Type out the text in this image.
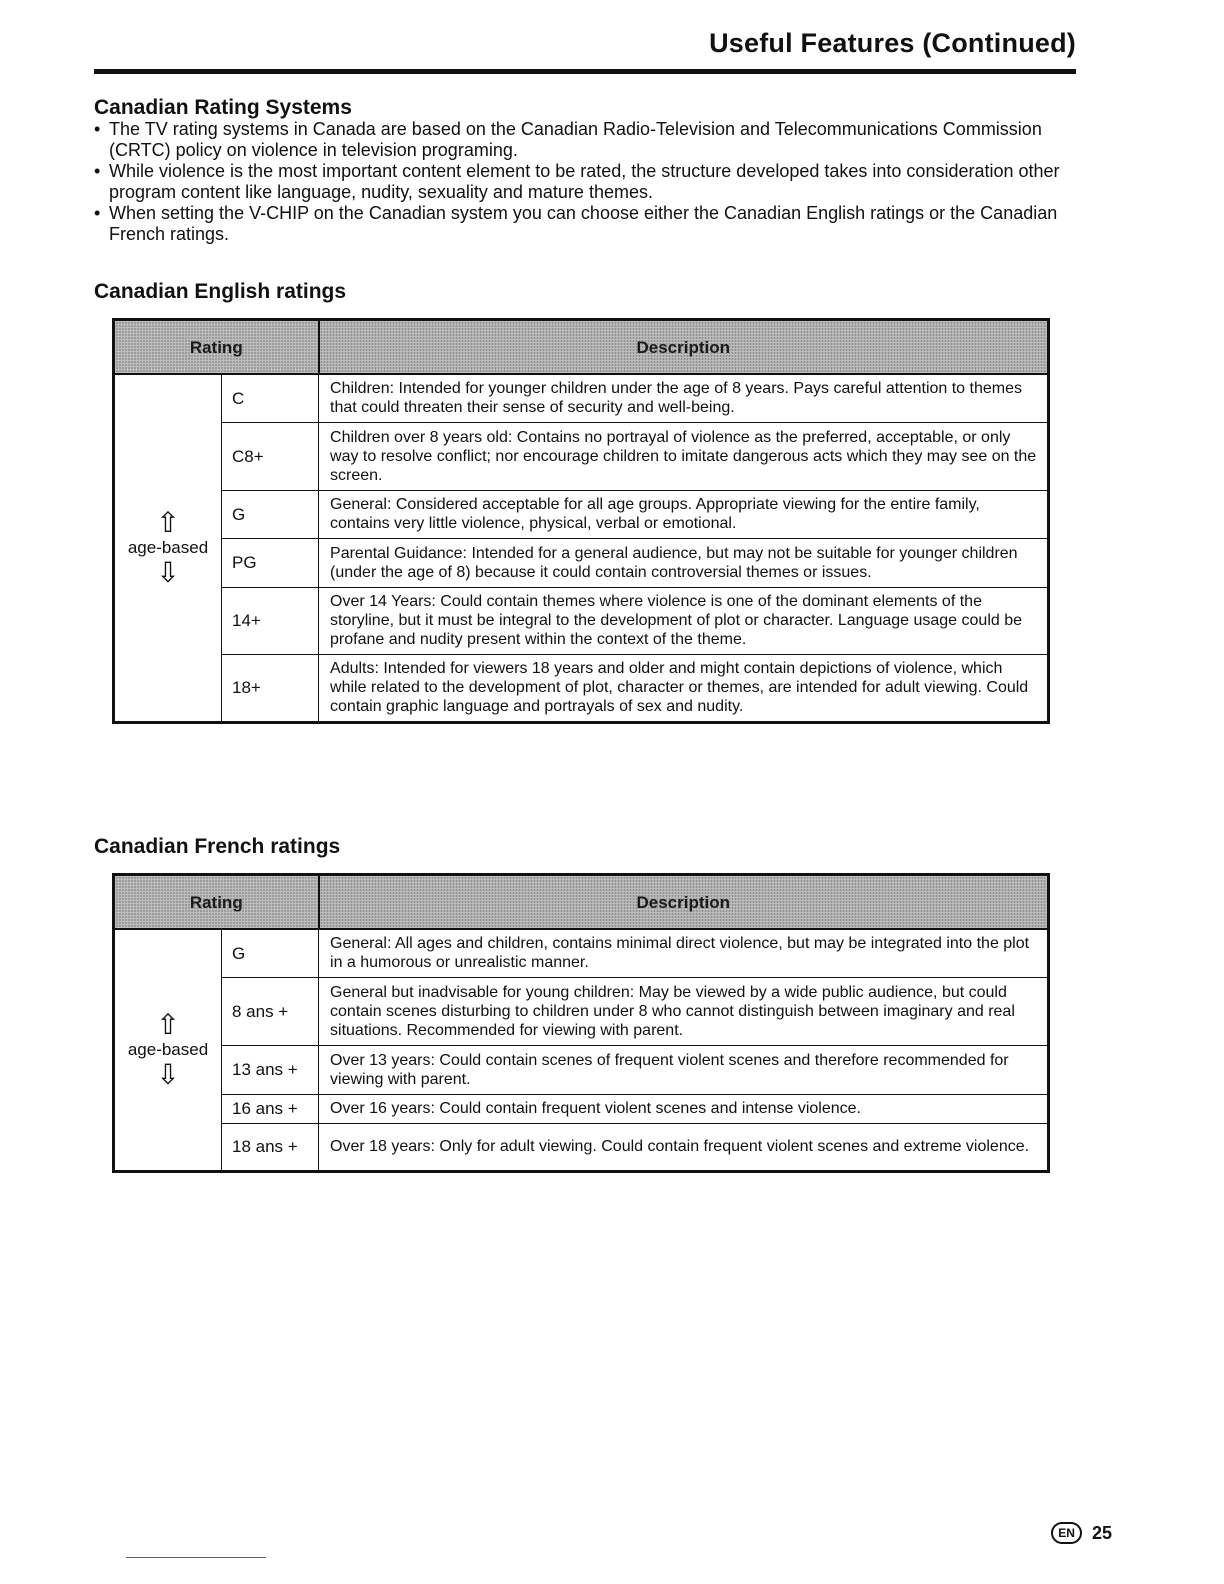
Useful Features (Continued)
Canadian Rating Systems
• The TV rating systems in Canada are based on the Canadian Radio-Television and Telecommunications Commission (CRTC) policy on violence in television programing.
• While violence is the most important content element to be rated, the structure developed takes into consideration other program content like language, nudity, sexuality and mature themes.
• When setting the V-CHIP on the Canadian system you can choose either the Canadian English ratings or the Canadian French ratings.
Canadian English ratings
Rating		Description

⇧
age-based
⇩	C	Children: Intended for younger children under the age of 8 years. Pays careful attention to themes that could threaten their sense of security and well-being.
	C8+	Children over 8 years old: Contains no portrayal of violence as the preferred, acceptable, or only way to resolve conflict; nor encourage children to imitate dangerous acts which they may see on the screen.
	G	General: Considered acceptable for all age groups. Appropriate viewing for the entire family, contains very little violence, physical, verbal or emotional.
	PG	Parental Guidance: Intended for a general audience, but may not be suitable for younger children (under the age of 8) because it could contain controversial themes or issues.
	14+	Over 14 Years: Could contain themes where violence is one of the dominant elements of the storyline, but it must be integral to the development of plot or character. Language usage could be profane and nudity present within the context of the theme.
	18+	Adults: Intended for viewers 18 years and older and might contain depictions of violence, which while related to the development of plot, character or themes, are intended for adult viewing. Could contain graphic language and portrayals of sex and nudity.
Canadian French ratings
Rating		Description

⇧
age-based
⇩	G	General: All ages and children, contains minimal direct violence, but may be integrated into the plot in a humorous or unrealistic manner.
	8 ans +	General but inadvisable for young children: May be viewed by a wide public audience, but could contain scenes disturbing to children under 8 who cannot distinguish between imaginary and real situations. Recommended for viewing with parent.
	13 ans +	Over 13 years: Could contain scenes of frequent violent scenes and therefore recommended for viewing with parent.
	16 ans +	Over 16 years: Could contain frequent violent scenes and intense violence.
	18 ans +	Over 18 years: Only for adult viewing. Could contain frequent violent scenes and extreme violence.
EN 25
